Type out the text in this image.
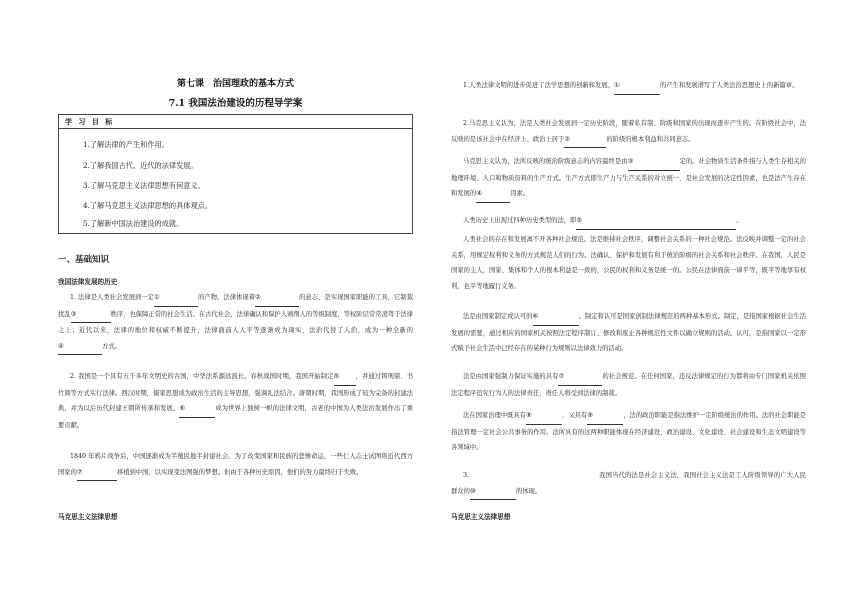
第七课　治国理政的基本方式
7.1 我国法治建设的历程导学案
学 习 目 标
1.了解法律的产生和作用。
2.了解我国古代、近代的法律发展。
3.了解马克思主义法律思想有何意义。
4.了解马克思主义法律思想的具体观点。
5.了解新中国法治建设的成就。
一、基础知识
我国法律发展的历史

1. 法律是人类社会发展到一定①	的产物。法律体现着②	的意志，是实现国家职能的工具，它制裁扰乱③	秩序，也保障正常的社会生活。在古代社会，法律确认和保护人剥削人的等级制度，等权阶层常常凌驾于法律之上；近代以来，法律的地位和权威不断提升，法律面前人人平等逐渐成为现实，法治代替了人治，成为一种全新的④	方式。

2. 我国是一个具有五千多年文明史的古国，中华法系源远流长。春秋战国时期，我国开始制定⑤	，并通过铸刑鼎、书竹简等方式实行法律。西汉时期，儒家思想成为政治生活的主导思想，强调礼法结合。唐朝时期，我国形成了较为完备的封建法典，并为以后历代封建王朝所传承和发展。⑥	成为世界上独树一帜的法律文明，古老的中国为人类法治发展作出了重要贡献。

1840 年鸦片战争后，中国逐渐成为半殖民地半封建社会。为了改变国家和民族的悲惨命运，一些仁人志士试图将近代西方国家的⑦	移植到中国，以实现变法图强的梦想。但由于各种历史原因，他们的努力最终归于失败。

马克思主义法律思想

1.人类法律文明的进步促进了法学思想的创新和发展。①	的产生和发展谱写了人类法治思想史上的新篇章。

2.马克思主义认为，法是人类社会发展到一定历史阶段，随着私有制、阶级和国家的出现而逐步产生的。在阶级社会中，法反映的是该社会中在经济上、政治上居于②	的阶级的根本利益和共同意志。

马克思主义认为，法所反映的统治阶级意志的内容最终是由③	定的。社会物质生活条件指与人类生存相关的地理环境、人口和物质资料的生产方式。生产方式即生产力与生产关系的对立统一，是社会发展的决定性因素，也是法产生存在和发展的④	因素。

人类历史上出现过四种历史类型的法，即⑤	。

人类社会的存在和发展离不开各种社会规范。法是维持社会秩序，调整社会关系的一种社会规范。法反映并调整一定的社会关系，用规定权利和义务的方式规范人们的行为。法确认、保护和发展有利于统治阶级的社会关系和社会秩序。在我国，人民是国家的主人，国家、集体和个人的根本利益是一致的，公民的权利和义务是统一的。公民在法律面前一律平等，既平等地享有权利，也平等地履行义务。

法是由国家制定或认可的⑥	。制定和认可是国家创制法律规范的两种基本形式。制定，是指国家根据社会生活发展的需要，通过相应的国家机关按照法定程序制订、修改和废止各种规范性文件以确立规则的活动。认可，是指国家以一定形式赋予社会生活中已经存在的某种行为规则以法律效力的活动。

法是由国家强制力保证实施的具有⑦	的社会规范。在任何国家，违反法律规定的行为都将由专门国家机关依照法定程序追究行为人的法律责任，责任人将受到法律的制裁。

法在国家治理中既具有⑧	，又具有⑨	，法的政治职能是指法维护一定阶级统治的作用。法的社会职能是指法管理一定社会公共事务的作用。法所具有的这两种职能体现在经济建设、政治建设、文化建设、社会建设和生态文明建设等各领域中。

3.	我国当代的法是社会主义法，我国社会主义法是工人阶级领导的广大人民群众的⑩	的体现。

马克思主义法律思想
